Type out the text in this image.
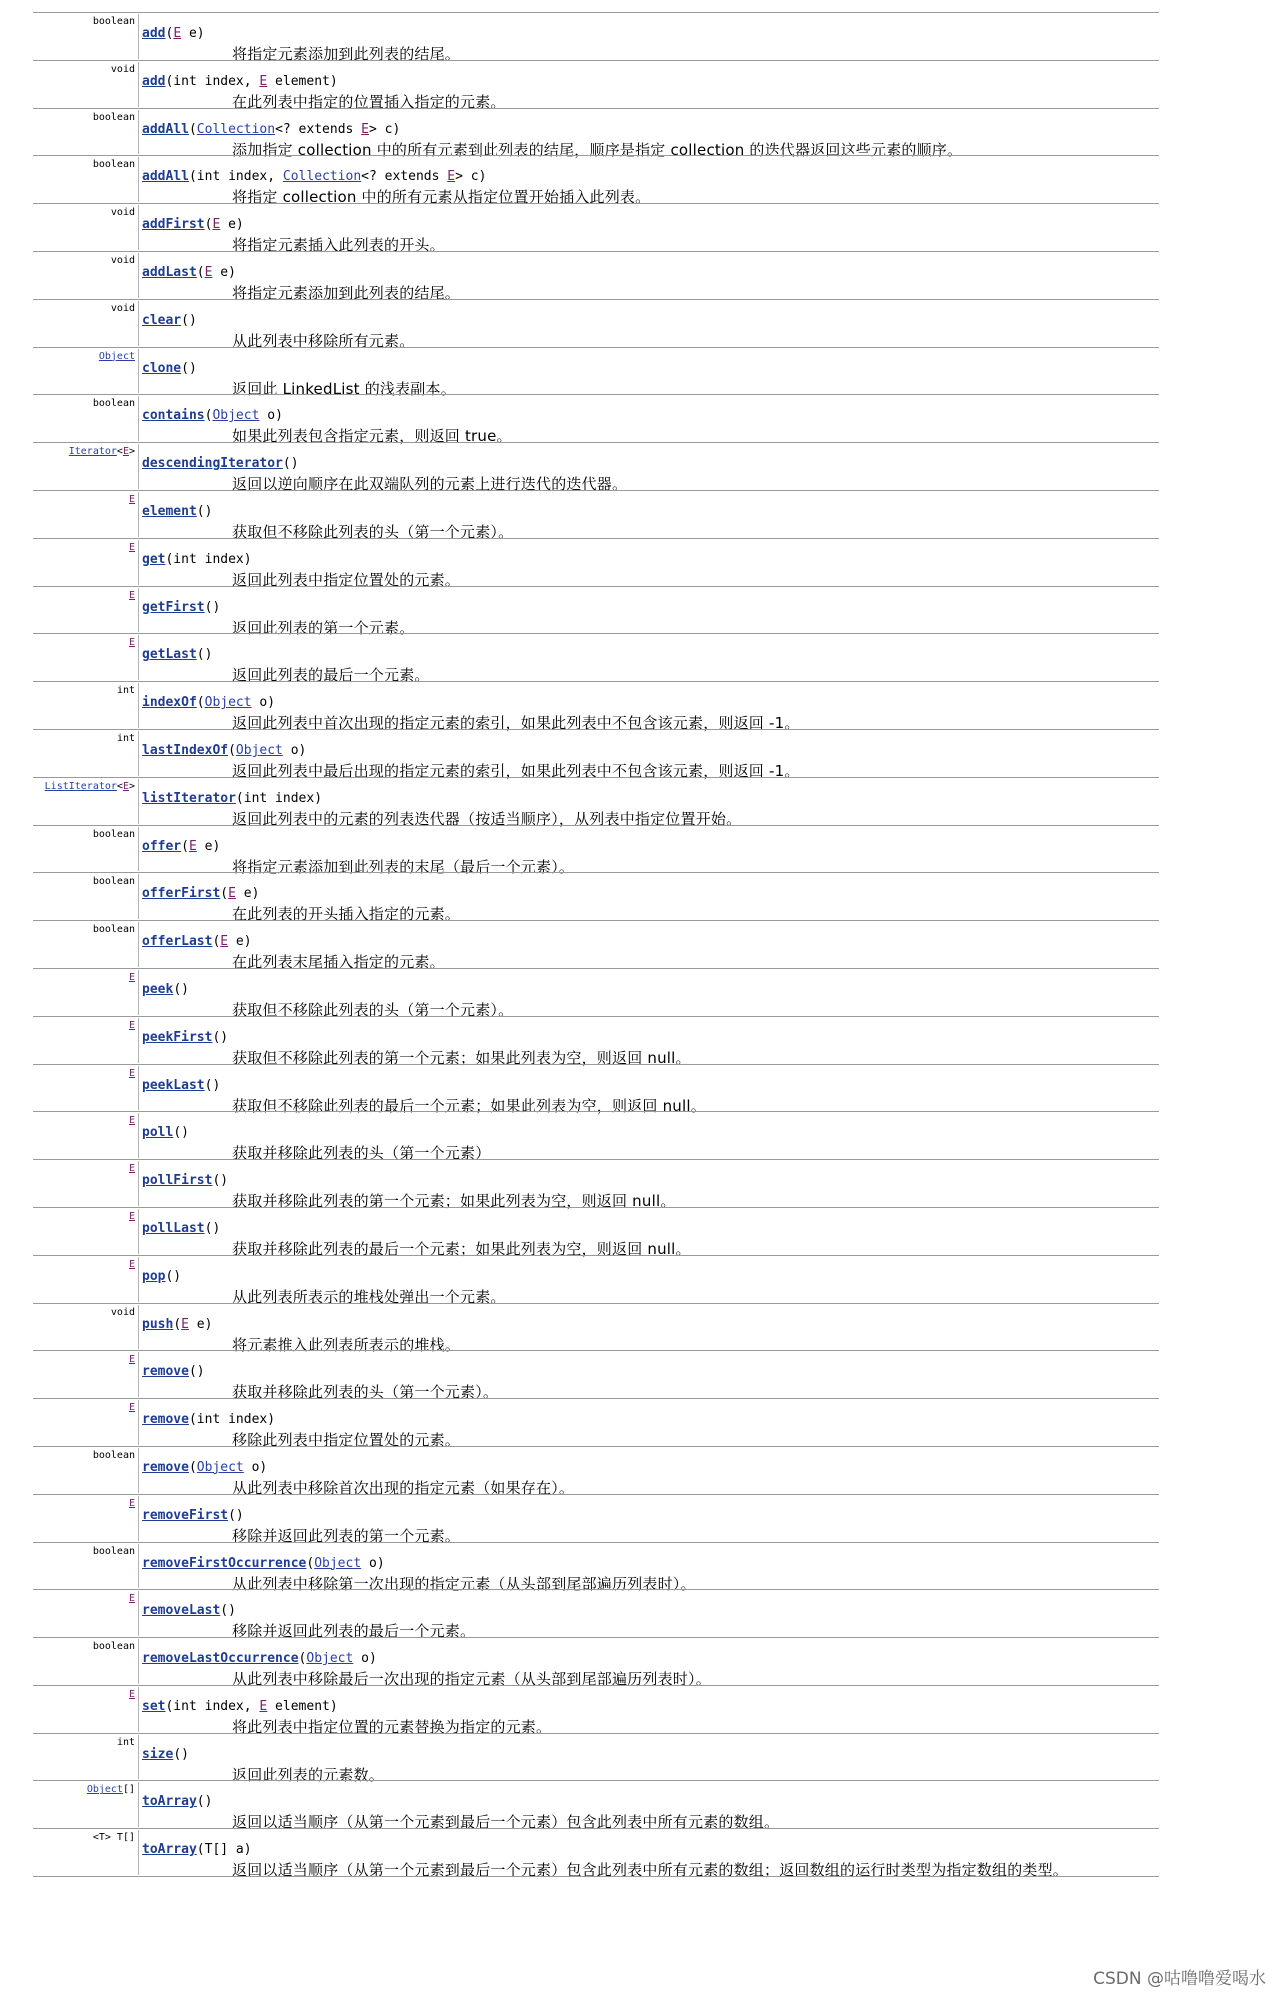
boolean
add(E e)
将指定元素添加到此列表的结尾。
void
add(int index, E element)
在此列表中指定的位置插入指定的元素。
boolean
addAll(Collection<? extends E> c)
添加指定 collection 中的所有元素到此列表的结尾，顺序是指定 collection 的迭代器返回这些元素的顺序。
boolean
addAll(int index, Collection<? extends E> c)
将指定 collection 中的所有元素从指定位置开始插入此列表。
void
addFirst(E e)
将指定元素插入此列表的开头。
void
addLast(E e)
将指定元素添加到此列表的结尾。
void
clear()
从此列表中移除所有元素。
Object
clone()
返回此 LinkedList 的浅表副本。
boolean
contains(Object o)
如果此列表包含指定元素，则返回 true。
Iterator<E>
descendingIterator()
返回以逆向顺序在此双端队列的元素上进行迭代的迭代器。
E
element()
获取但不移除此列表的头（第一个元素）。
E
get(int index)
返回此列表中指定位置处的元素。
E
getFirst()
返回此列表的第一个元素。
E
getLast()
返回此列表的最后一个元素。
int
indexOf(Object o)
返回此列表中首次出现的指定元素的索引，如果此列表中不包含该元素，则返回 -1。
int
lastIndexOf(Object o)
返回此列表中最后出现的指定元素的索引，如果此列表中不包含该元素，则返回 -1。
ListIterator<E>
listIterator(int index)
返回此列表中的元素的列表迭代器（按适当顺序），从列表中指定位置开始。
boolean
offer(E e)
将指定元素添加到此列表的末尾（最后一个元素）。
boolean
offerFirst(E e)
在此列表的开头插入指定的元素。
boolean
offerLast(E e)
在此列表末尾插入指定的元素。
E
peek()
获取但不移除此列表的头（第一个元素）。
E
peekFirst()
获取但不移除此列表的第一个元素；如果此列表为空，则返回 null。
E
peekLast()
获取但不移除此列表的最后一个元素；如果此列表为空，则返回 null。
E
poll()
获取并移除此列表的头（第一个元素）
E
pollFirst()
获取并移除此列表的第一个元素；如果此列表为空，则返回 null。
E
pollLast()
获取并移除此列表的最后一个元素；如果此列表为空，则返回 null。
E
pop()
从此列表所表示的堆栈处弹出一个元素。
void
push(E e)
将元素推入此列表所表示的堆栈。
E
remove()
获取并移除此列表的头（第一个元素）。
E
remove(int index)
移除此列表中指定位置处的元素。
boolean
remove(Object o)
从此列表中移除首次出现的指定元素（如果存在）。
E
removeFirst()
移除并返回此列表的第一个元素。
boolean
removeFirstOccurrence(Object o)
从此列表中移除第一次出现的指定元素（从头部到尾部遍历列表时）。
E
removeLast()
移除并返回此列表的最后一个元素。
boolean
removeLastOccurrence(Object o)
从此列表中移除最后一次出现的指定元素（从头部到尾部遍历列表时）。
E
set(int index, E element)
将此列表中指定位置的元素替换为指定的元素。
int
size()
返回此列表的元素数。
Object[]
toArray()
返回以适当顺序（从第一个元素到最后一个元素）包含此列表中所有元素的数组。
<T> T[]
toArray(T[] a)
返回以适当顺序（从第一个元素到最后一个元素）包含此列表中所有元素的数组；返回数组的运行时类型为指定数组的类型。
CSDN @咕噜噜爱喝水
